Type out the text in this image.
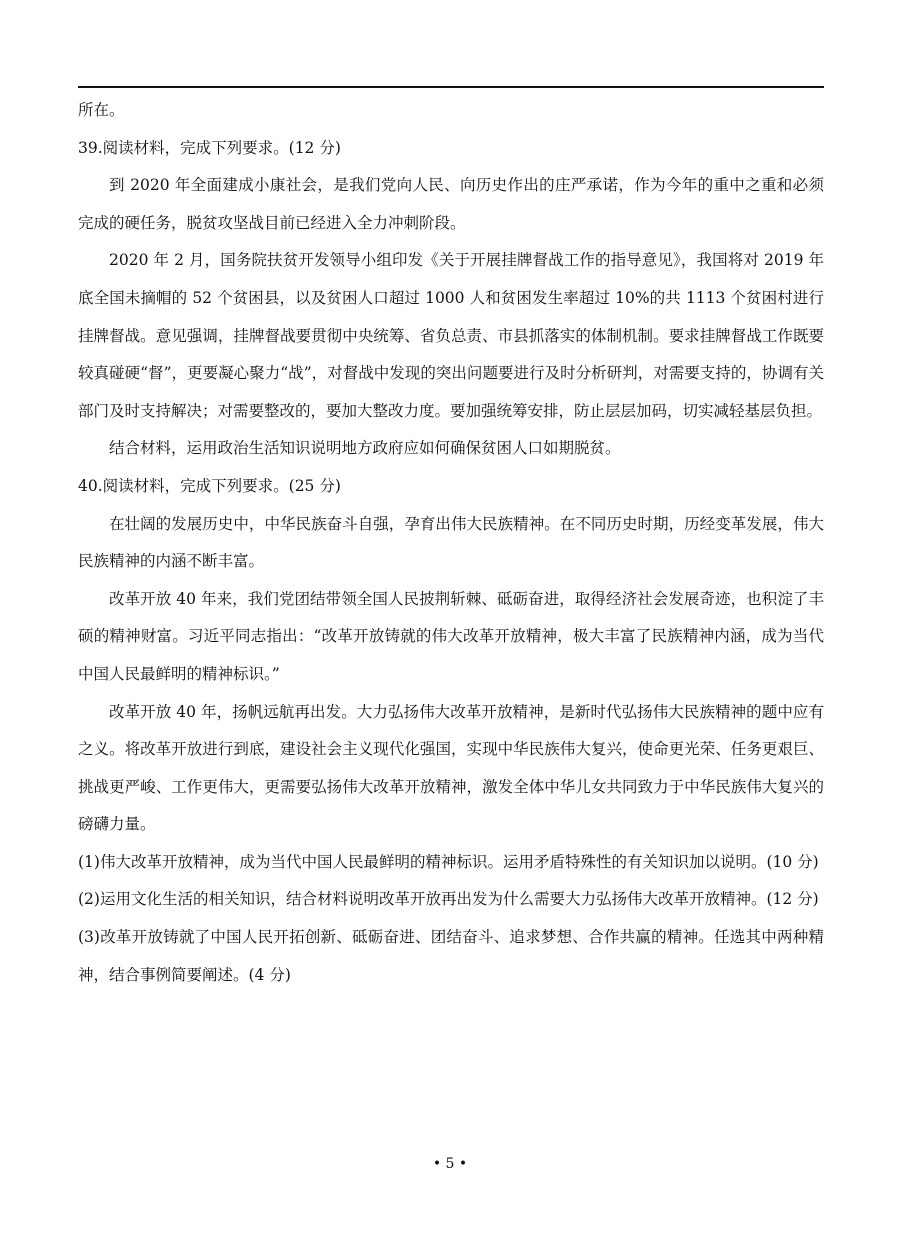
所在。

39.阅读材料，完成下列要求。(12 分)

到 2020 年全面建成小康社会，是我们党向人民、向历史作出的庄严承诺，作为今年的重中之重和必须完成的硬任务，脱贫攻坚战目前已经进入全力冲刺阶段。

2020 年 2 月，国务院扶贫开发领导小组印发《关于开展挂牌督战工作的指导意见》，我国将对 2019 年底全国未摘帽的 52 个贫困县，以及贫困人口超过 1000 人和贫困发生率超过 10%的共 1113 个贫困村进行挂牌督战。意见强调，挂牌督战要贯彻中央统筹、省负总责、市县抓落实的体制机制。要求挂牌督战工作既要较真碰硬“督”，更要凝心聚力“战”，对督战中发现的突出问题要进行及时分析研判，对需要支持的，协调有关部门及时支持解决；对需要整改的，要加大整改力度。要加强统筹安排，防止层层加码，切实减轻基层负担。

结合材料，运用政治生活知识说明地方政府应如何确保贫困人口如期脱贫。

40.阅读材料，完成下列要求。(25 分)

在壮阔的发展历史中，中华民族奋斗自强，孕育出伟大民族精神。在不同历史时期，历经变革发展，伟大民族精神的内涵不断丰富。

改革开放 40 年来，我们党团结带领全国人民披荆斩棘、砥砺奋进，取得经济社会发展奇迹，也积淀了丰硕的精神财富。习近平同志指出：“改革开放铸就的伟大改革开放精神，极大丰富了民族精神内涵，成为当代中国人民最鲜明的精神标识。”

改革开放 40 年，扬帆远航再出发。大力弘扬伟大改革开放精神，是新时代弘扬伟大民族精神的题中应有之义。将改革开放进行到底，建设社会主义现代化强国，实现中华民族伟大复兴，使命更光荣、任务更艰巨、挑战更严峻、工作更伟大，更需要弘扬伟大改革开放精神，激发全体中华儿女共同致力于中华民族伟大复兴的磅礴力量。

(1)伟大改革开放精神，成为当代中国人民最鲜明的精神标识。运用矛盾特殊性的有关知识加以说明。(10 分)

(2)运用文化生活的相关知识，结合材料说明改革开放再出发为什么需要大力弘扬伟大改革开放精神。(12 分)

(3)改革开放铸就了中国人民开拓创新、砥砺奋进、团结奋斗、追求梦想、合作共赢的精神。任选其中两种精神，结合事例简要阐述。(4 分)

• 5 •
